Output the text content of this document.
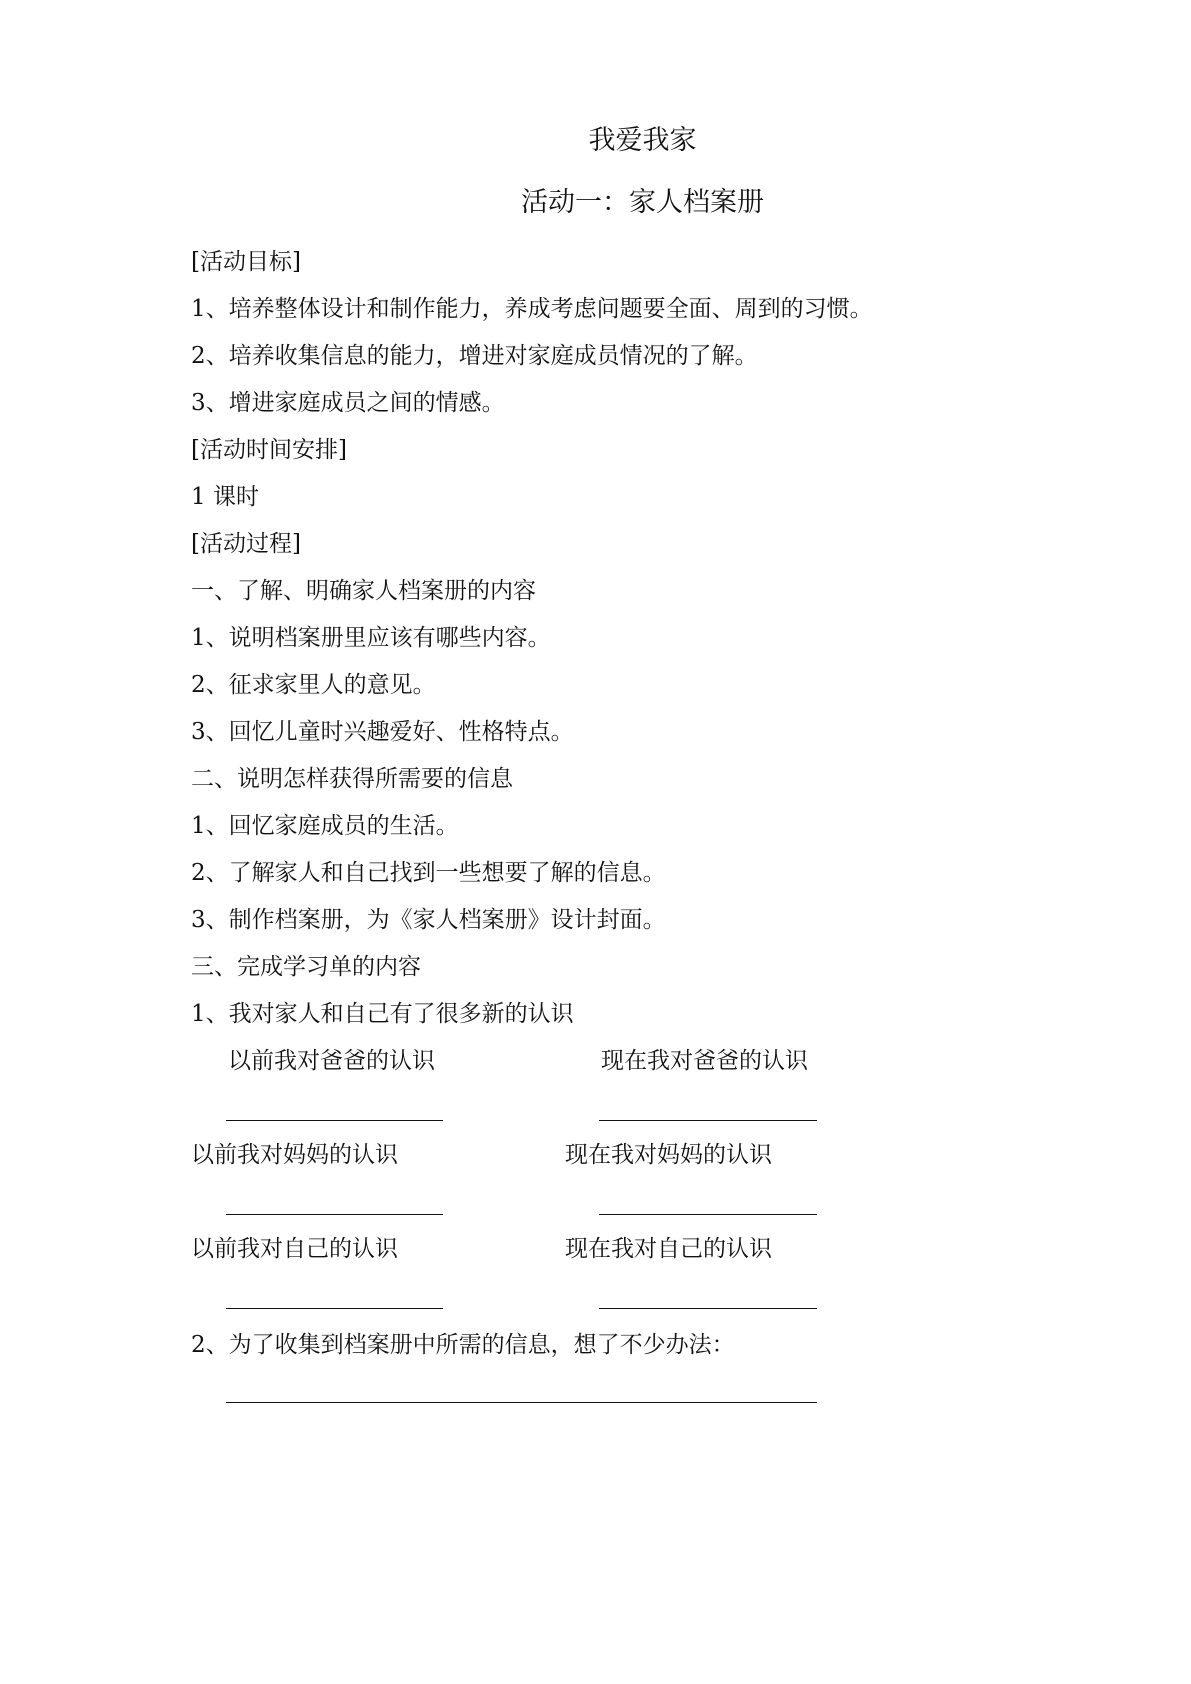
我爱我家
活动一：家人档案册
[活动目标]
1、培养整体设计和制作能力，养成考虑问题要全面、周到的习惯。
2、培养收集信息的能力，增进对家庭成员情况的了解。
3、增进家庭成员之间的情感。
[活动时间安排]
1 课时
[活动过程]
一、了解、明确家人档案册的内容
1、说明档案册里应该有哪些内容。
2、征求家里人的意见。
3、回忆儿童时兴趣爱好、性格特点。
二、说明怎样获得所需要的信息
1、回忆家庭成员的生活。
2、了解家人和自己找到一些想要了解的信息。
3、制作档案册，为《家人档案册》设计封面。
三、完成学习单的内容
1、我对家人和自己有了很多新的认识
以前我对爸爸的认识	现在我对爸爸的认识
以前我对妈妈的认识	现在我对妈妈的认识
以前我对自己的认识	现在我对自己的认识
2、为了收集到档案册中所需的信息，想了不少办法：
